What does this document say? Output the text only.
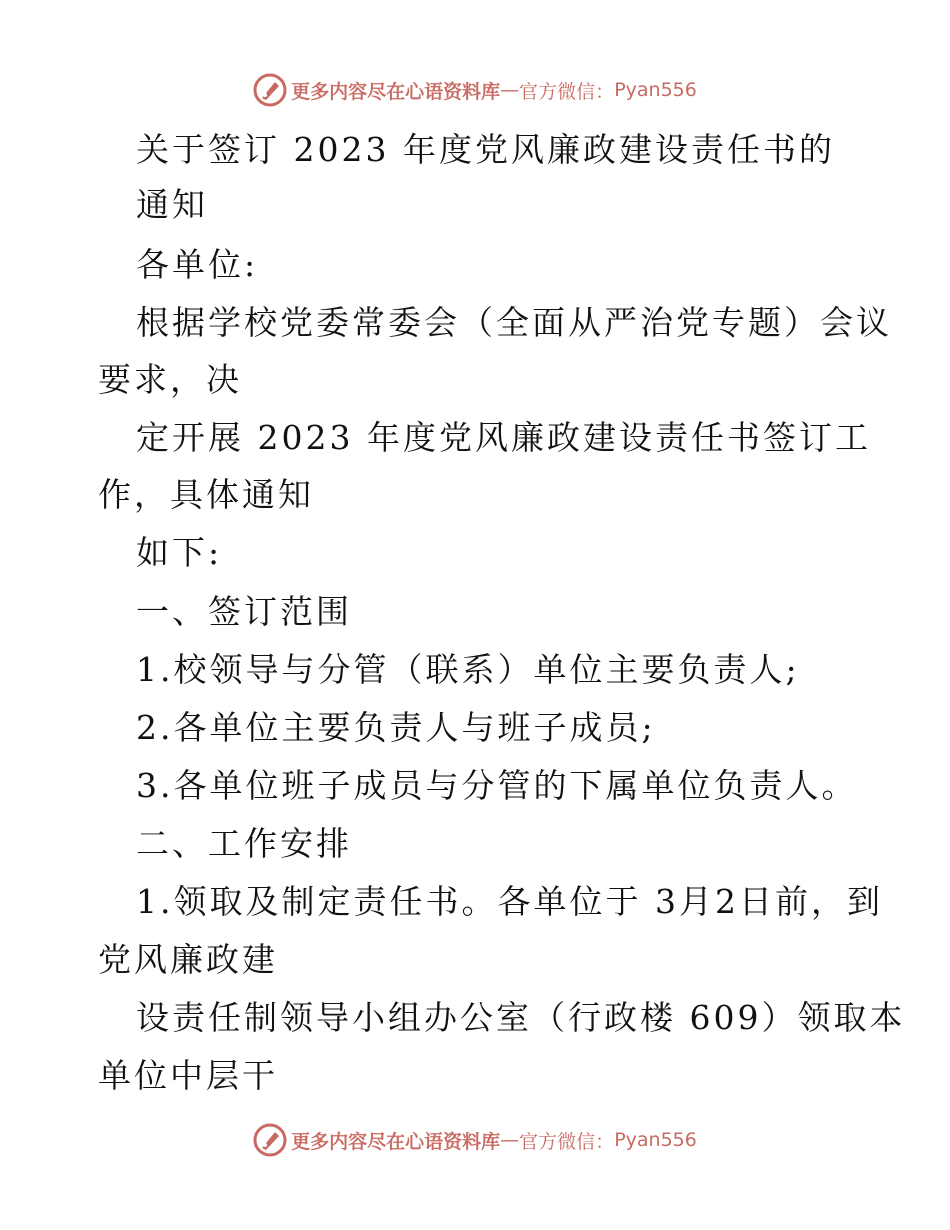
更多内容尽在心语资料库 — 官方微信： Pyan556
关于签订 2023 年度党风廉政建设责任书的
通知
各单位:
根据学校党委常委会（全面从严治党专题）会议
要求，决
定开展 2023 年度党风廉政建设责任书签订工
作，具体通知
如下:
一、签订范围
1.校领导与分管（联系）单位主要负责人;
2.各单位主要负责人与班子成员;
3.各单位班子成员与分管的下属单位负责人。
二、工作安排
1.领取及制定责任书。各单位于 3月2日前，到
党风廉政建
设责任制领导小组办公室（行政楼 609）领取本
单位中层干
更多内容尽在心语资料库 — 官方微信： Pyan556
